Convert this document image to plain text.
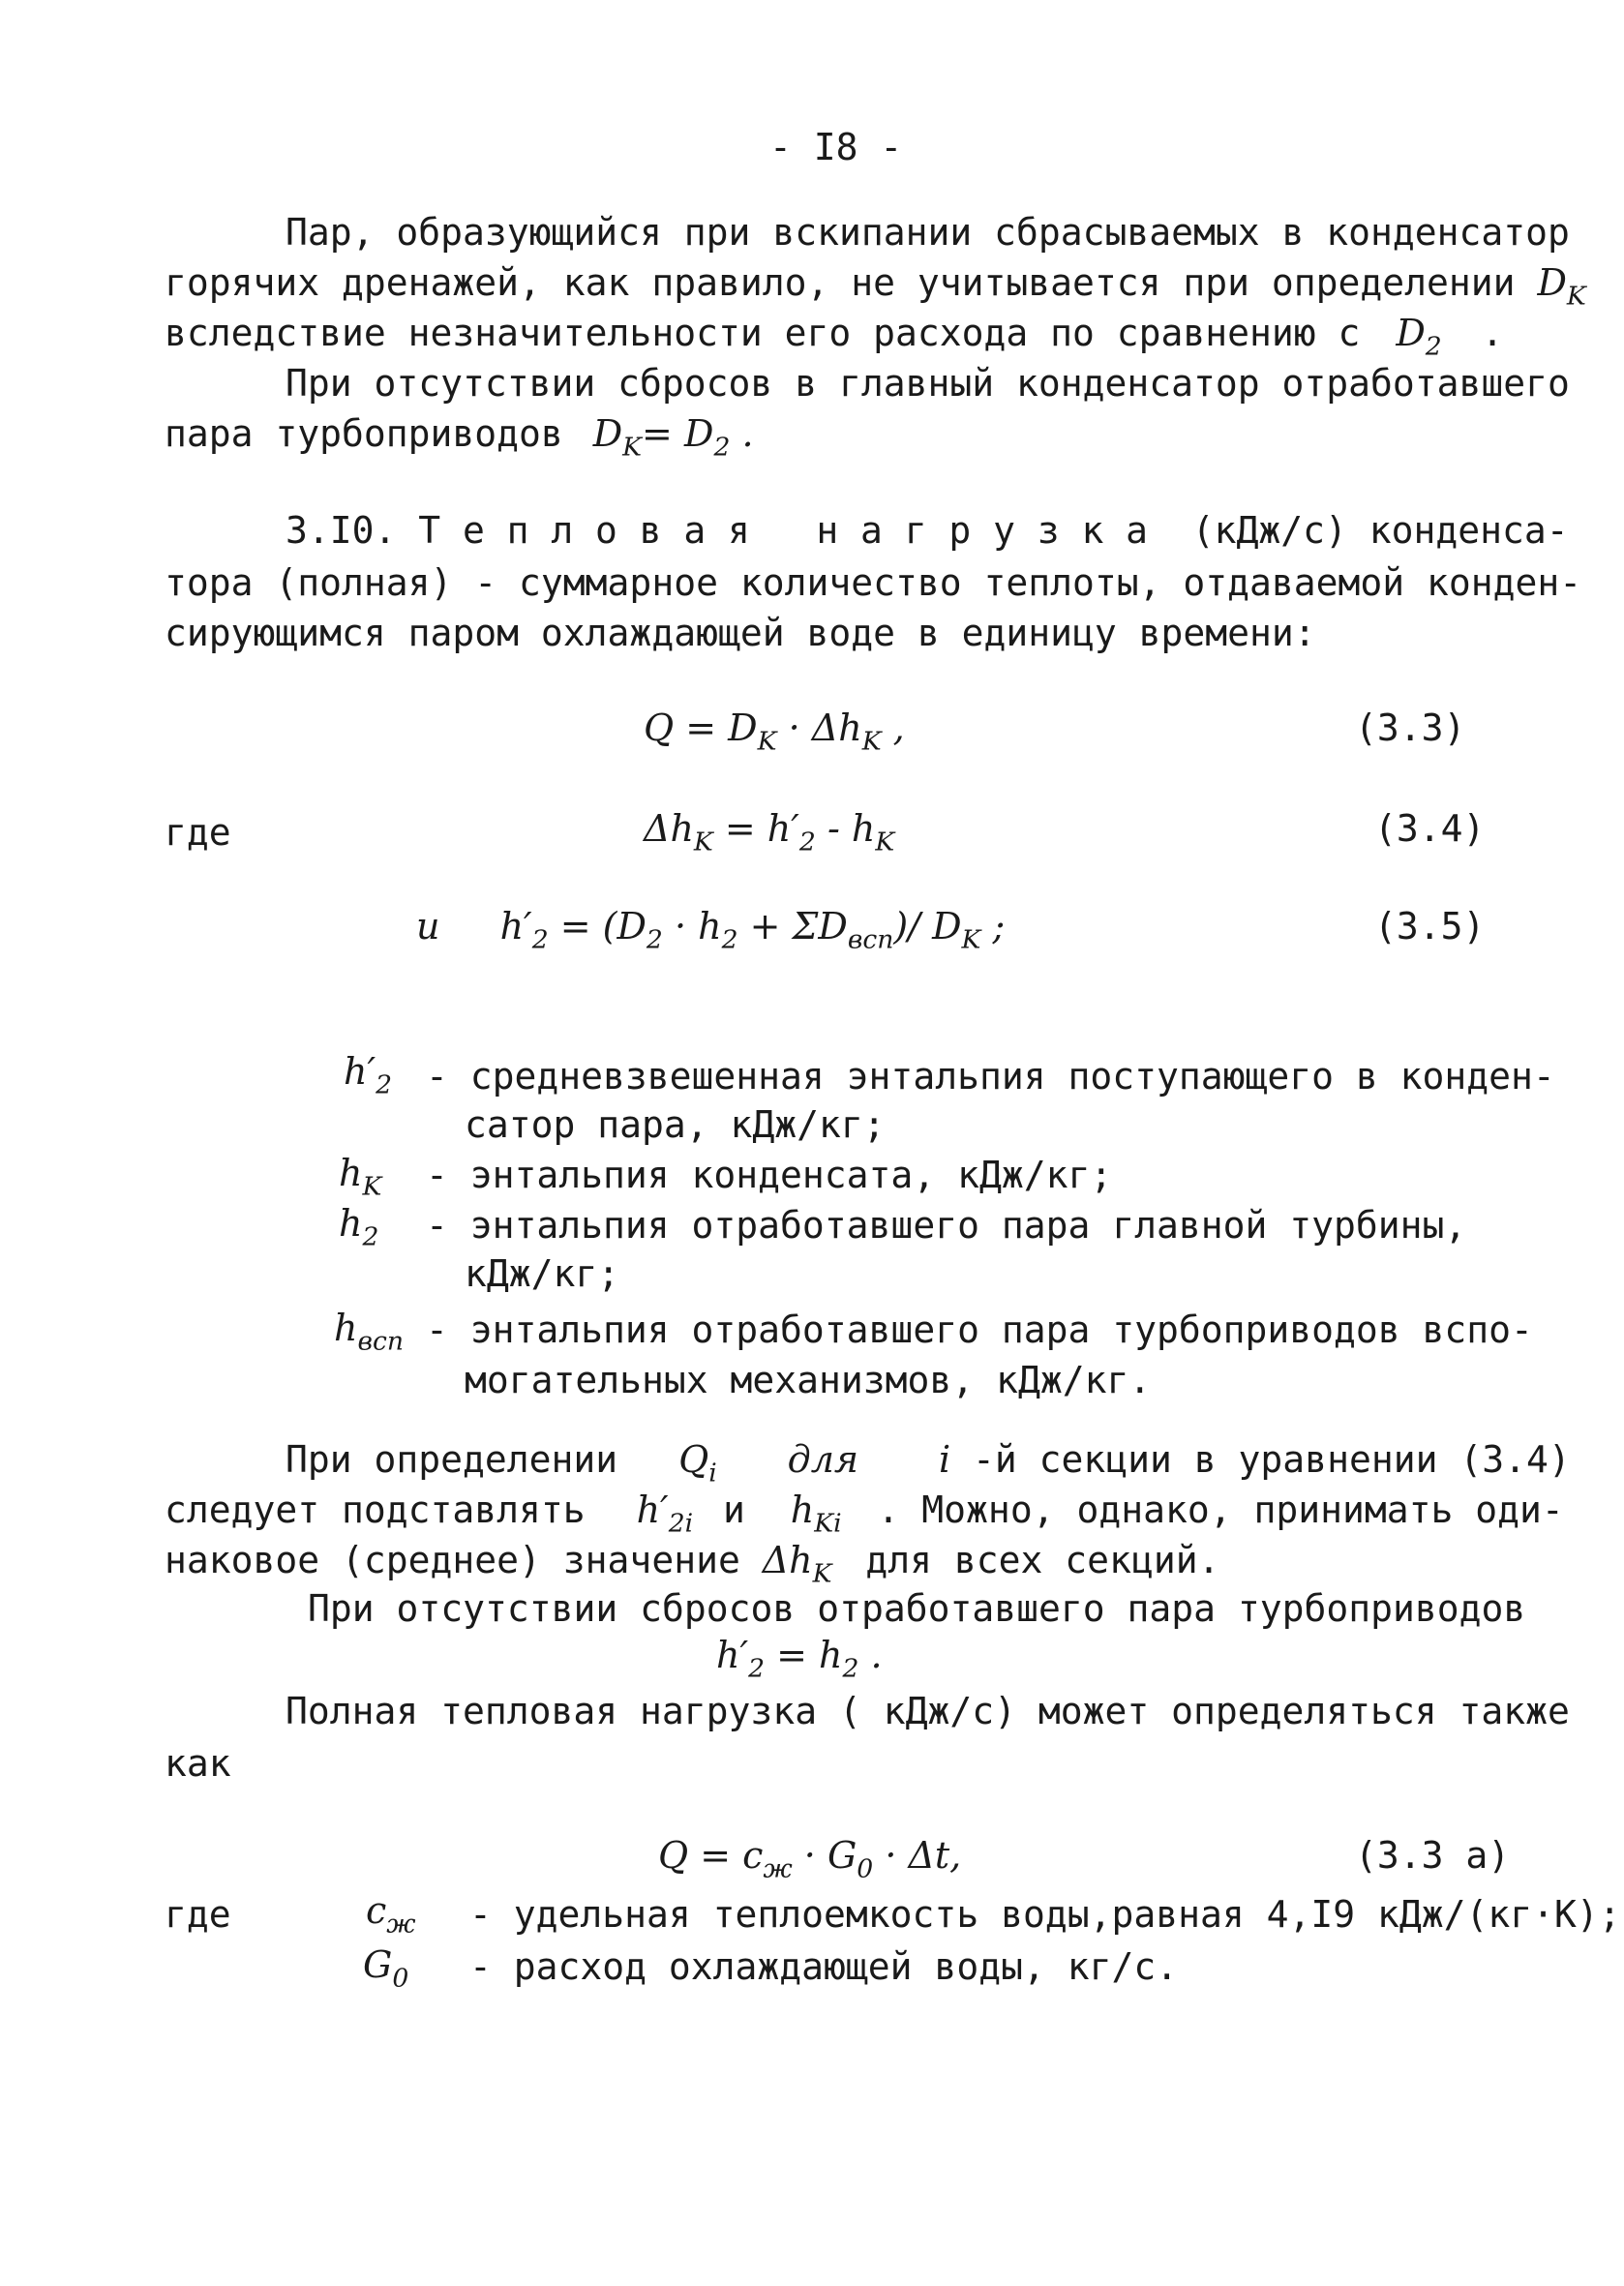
- I8 -
Пар, образующийся при вскипании сбрасываемых в конденсатор
горячих дренажей, как правило, не учитывается при определении $D_K$
вследствие незначительности его расхода по сравнению с $D_2$ .
При отсутствии сбросов в главный конденсатор отработавшего
пара турбоприводов $D_K= D_2$ .
3.I0. Тепловая нагрузка (кДж/с) конденса-
тора (полная) - суммарное количество теплоты, отдаваемой конден-
сирующимся паром охлаждающей воде в единицу времени:
$Q = D_K \cdot \Delta h_K$ ,	(3.3)
где	$\Delta h_K = h'_2 - h_K$	(3.4)
и $h'_2 = (D_2 \cdot h_2 + \Sigma D_{всп})/$ $D_K$ ;	(3.5)
$h'_2$ - средневзвешенная энтальпия поступающего в конден-
сатор пара, кДж/кг;
$h_K$ - энтальпия конденсата, кДж/кг;
$h_2$ - энтальпия отработавшего пара главной турбины,
кДж/кг;
$h_{всп}$ - энтальпия отработавшего пара турбоприводов вспо-
могательных механизмов, кДж/кг.
При определении $Q_i$ для i -й секции в уравнении (3.4)
следует подставлять $h'_{2i}$ и $h_{Ki}$ . Можно, однако, принимать оди-
наковое (среднее) значение $\Delta h_K$ для всех секций.
При отсутствии сбросов отработавшего пара турбоприводов
$h'_2 = h_2$ .
Полная тепловая нагрузка ( кДж/с) может определяться также
как
$Q = c_ж \cdot G_0 \cdot \Delta t$,	(3.3 а)
где	$c_ж$ - удельная теплоемкость воды,равная 4,I9 кДж/(кг·К);
$G_0$ - расход охлаждающей воды, кг/с.
